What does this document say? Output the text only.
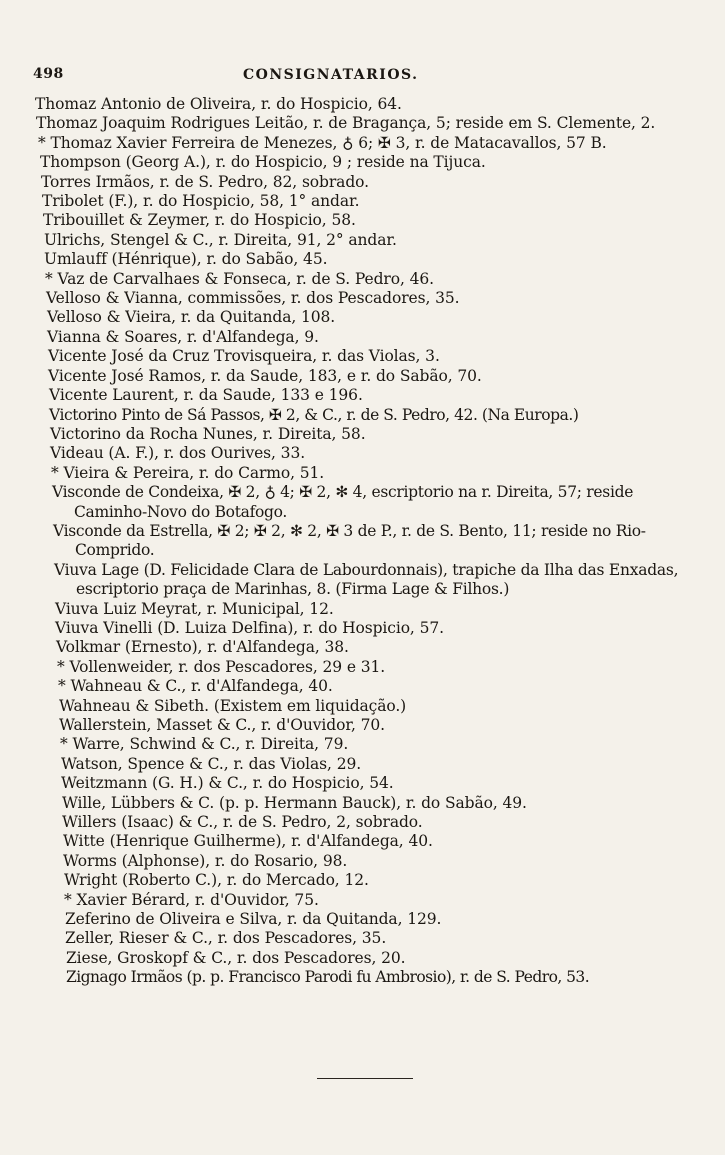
498	CONSIGNATARIOS.
Thomaz Antonio de Oliveira, r. do Hospicio, 64.
Thomaz Joaquim Rodrigues Leitão, r. de Bragança, 5; reside em S. Clemente, 2.
* Thomaz Xavier Ferreira de Menezes, ♁ 6; ✠ 3, r. de Matacavallos, 57 B.
Thompson (Georg A.), r. do Hospicio, 9 ; reside na Tijuca.
Torres Irmãos, r. de S. Pedro, 82, sobrado.
Tribolet (F.), r. do Hospicio, 58, 1° andar.
Tribouillet & Zeymer, r. do Hospicio, 58.
Ulrichs, Stengel & C., r. Direita, 91, 2° andar.
Umlauff (Hénrique), r. do Sabão, 45.
* Vaz de Carvalhaes & Fonseca, r. de S. Pedro, 46.
Velloso & Vianna, commissões, r. dos Pescadores, 35.
Velloso & Vieira, r. da Quitanda, 108.
Vianna & Soares, r. d'Alfandega, 9.
Vicente José da Cruz Trovisqueira, r. das Violas, 3.
Vicente José Ramos, r. da Saude, 183, e r. do Sabão, 70.
Vicente Laurent, r. da Saude, 133 e 196.
Victorino Pinto de Sá Passos, ✠ 2, & C., r. de S. Pedro, 42. (Na Europa.)
Victorino da Rocha Nunes, r. Direita, 58.
Videau (A. F.), r. dos Ourives, 33.
* Vieira & Pereira, r. do Carmo, 51.
Visconde de Condeixa, ✠ 2, ♁ 4; ✠ 2, ✻ 4, escriptorio na r. Direita, 57; reside Caminho-Novo do Botafogo.
Visconde da Estrella, ✠ 2; ✠ 2, ✻ 2, ✠ 3 de P., r. de S. Bento, 11; reside no Rio-Comprido.
Viuva Lage (D. Felicidade Clara de Labourdonnais), trapiche da Ilha das Enxadas, escriptorio praça de Marinhas, 8. (Firma Lage & Filhos.)
Viuva Luiz Meyrat, r. Municipal, 12.
Viuva Vinelli (D. Luiza Delfina), r. do Hospicio, 57.
Volkmar (Ernesto), r. d'Alfandega, 38.
* Vollenweider, r. dos Pescadores, 29 e 31.
* Wahneau & C., r. d'Alfandega, 40.
Wahneau & Sibeth. (Existem em liquidação.)
Wallerstein, Masset & C., r. d'Ouvidor, 70.
* Warre, Schwind & C., r. Direita, 79.
Watson, Spence & C., r. das Violas, 29.
Weitzmann (G. H.) & C., r. do Hospicio, 54.
Wille, Lübbers & C. (p. p. Hermann Bauck), r. do Sabão, 49.
Willers (Isaac) & C., r. de S. Pedro, 2, sobrado.
Witte (Henrique Guilherme), r. d'Alfandega, 40.
Worms (Alphonse), r. do Rosario, 98.
Wright (Roberto C.), r. do Mercado, 12.
* Xavier Bérard, r. d'Ouvidor, 75.
Zeferino de Oliveira e Silva, r. da Quitanda, 129.
Zeller, Rieser & C., r. dos Pescadores, 35.
Ziese, Groskopf & C., r. dos Pescadores, 20.
Zignago Irmãos (p. p. Francisco Parodi fu Ambrosio), r. de S. Pedro, 53.
